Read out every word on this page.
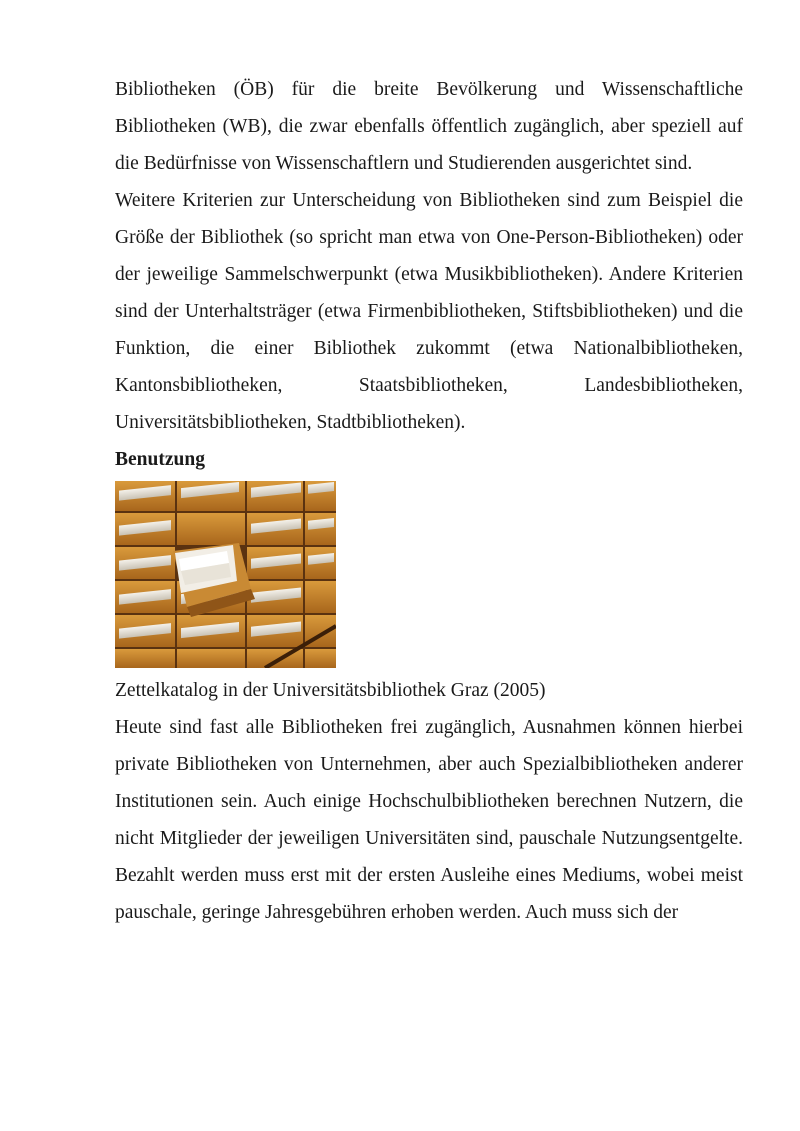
Bibliotheken (ÖB) für die breite Bevölkerung und Wissenschaftliche Bibliotheken (WB), die zwar ebenfalls öffentlich zugänglich, aber speziell auf die Bedürfnisse von Wissenschaftlern und Studierenden ausgerichtet sind.

Weitere Kriterien zur Unterscheidung von Bibliotheken sind zum Beispiel die Größe der Bibliothek (so spricht man etwa von One-Person-Bibliotheken) oder der jeweilige Sammelschwerpunkt (etwa Musikbibliotheken). Andere Kriterien sind der Unterhaltsträger (etwa Firmenbibliotheken, Stiftsbibliotheken) und die Funktion, die einer Bibliothek zukommt (etwa Nationalbibliotheken, Kantonsbibliotheken, Staatsbibliotheken, Landesbibliotheken, Universitätsbibliotheken, Stadtbibliotheken).

Benutzung

Zettelkatalog in der Universitätsbibliothek Graz (2005)

Heute sind fast alle Bibliotheken frei zugänglich, Ausnahmen können hierbei private Bibliotheken von Unternehmen, aber auch Spezialbibliotheken anderer Institutionen sein. Auch einige Hochschulbibliotheken berechnen Nutzern, die nicht Mitglieder der jeweiligen Universitäten sind, pauschale Nutzungsentgelte. Bezahlt werden muss erst mit der ersten Ausleihe eines Mediums, wobei meist pauschale, geringe Jahresgebühren erhoben werden. Auch muss sich der
